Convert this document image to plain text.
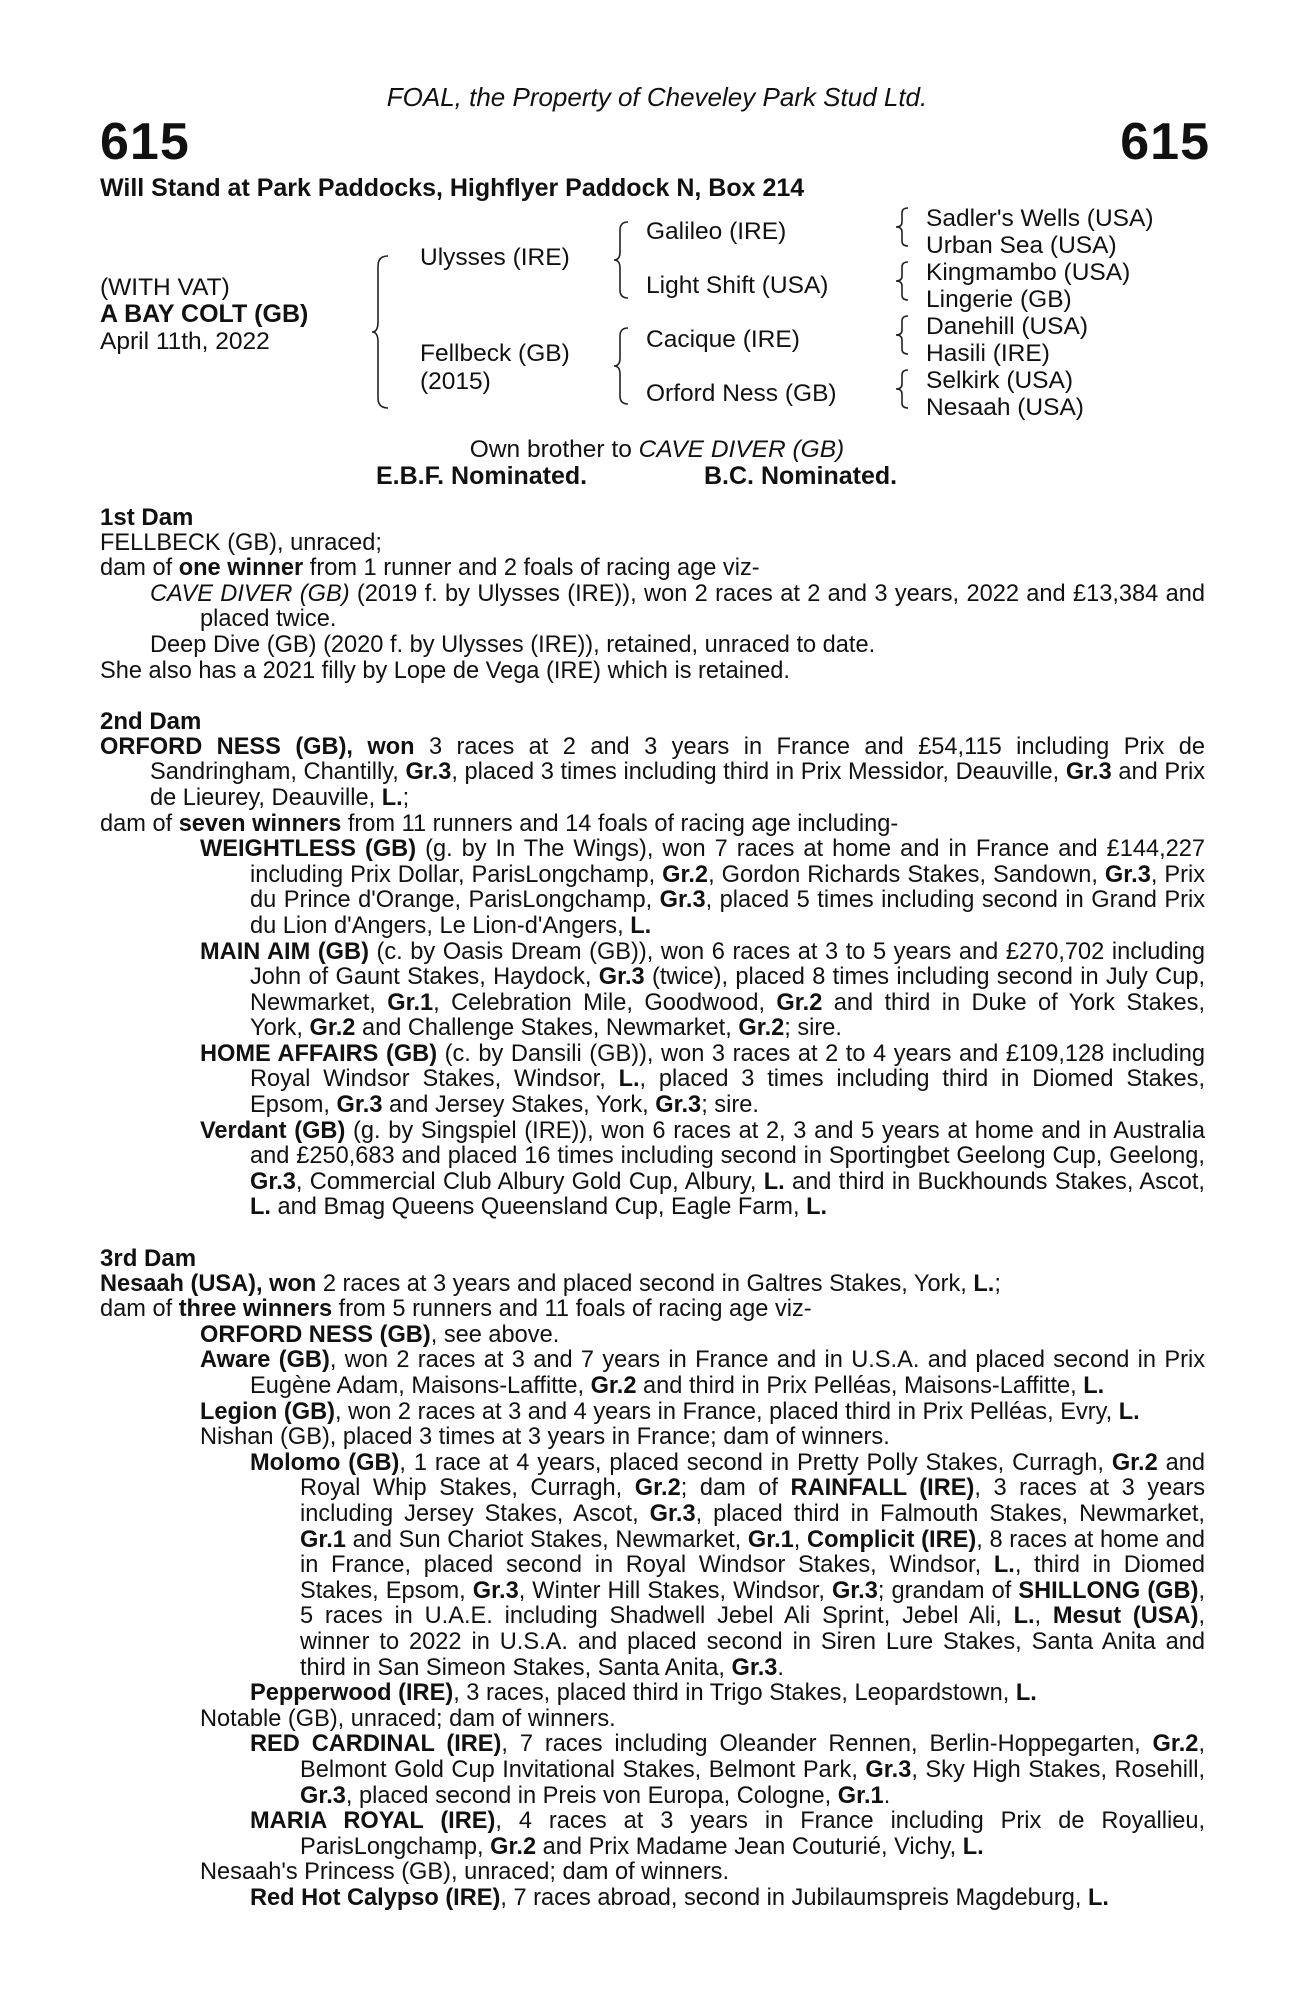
FOAL, the Property of Cheveley Park Stud Ltd.
615	615
Will Stand at Park Paddocks, Highflyer Paddock N, Box 214
(WITH VAT)
A BAY COLT (GB)
April 11th, 2022
Ulysses (IRE)
Fellbeck (GB)
(2015)
Galileo (IRE)
Light Shift (USA)
Cacique (IRE)
Orford Ness (GB)
Sadler's Wells (USA)
Urban Sea (USA)
Kingmambo (USA)
Lingerie (GB)
Danehill (USA)
Hasili (IRE)
Selkirk (USA)
Nesaah (USA)
Own brother to CAVE DIVER (GB)
E.B.F. Nominated.	B.C. Nominated.
1st Dam
FELLBECK (GB), unraced;
dam of one winner from 1 runner and 2 foals of racing age viz-
CAVE DIVER (GB) (2019 f. by Ulysses (IRE)), won 2 races at 2 and 3 years, 2022 and £13,384 and placed twice.
Deep Dive (GB) (2020 f. by Ulysses (IRE)), retained, unraced to date.
She also has a 2021 filly by Lope de Vega (IRE) which is retained.
2nd Dam
ORFORD NESS (GB), won 3 races at 2 and 3 years in France and £54,115 including Prix de Sandringham, Chantilly, Gr.3, placed 3 times including third in Prix Messidor, Deauville, Gr.3 and Prix de Lieurey, Deauville, L.;
dam of seven winners from 11 runners and 14 foals of racing age including-
WEIGHTLESS (GB) (g. by In The Wings), won 7 races at home and in France and £144,227 including Prix Dollar, ParisLongchamp, Gr.2, Gordon Richards Stakes, Sandown, Gr.3, Prix du Prince d'Orange, ParisLongchamp, Gr.3, placed 5 times including second in Grand Prix du Lion d'Angers, Le Lion-d'Angers, L.
MAIN AIM (GB) (c. by Oasis Dream (GB)), won 6 races at 3 to 5 years and £270,702 including John of Gaunt Stakes, Haydock, Gr.3 (twice), placed 8 times including second in July Cup, Newmarket, Gr.1, Celebration Mile, Goodwood, Gr.2 and third in Duke of York Stakes, York, Gr.2 and Challenge Stakes, Newmarket, Gr.2; sire.
HOME AFFAIRS (GB) (c. by Dansili (GB)), won 3 races at 2 to 4 years and £109,128 including Royal Windsor Stakes, Windsor, L., placed 3 times including third in Diomed Stakes, Epsom, Gr.3 and Jersey Stakes, York, Gr.3; sire.
Verdant (GB) (g. by Singspiel (IRE)), won 6 races at 2, 3 and 5 years at home and in Australia and £250,683 and placed 16 times including second in Sportingbet Geelong Cup, Geelong, Gr.3, Commercial Club Albury Gold Cup, Albury, L. and third in Buckhounds Stakes, Ascot, L. and Bmag Queens Queensland Cup, Eagle Farm, L.
3rd Dam
Nesaah (USA), won 2 races at 3 years and placed second in Galtres Stakes, York, L.;
dam of three winners from 5 runners and 11 foals of racing age viz-
ORFORD NESS (GB), see above.
Aware (GB), won 2 races at 3 and 7 years in France and in U.S.A. and placed second in Prix Eugène Adam, Maisons-Laffitte, Gr.2 and third in Prix Pelléas, Maisons-Laffitte, L.
Legion (GB), won 2 races at 3 and 4 years in France, placed third in Prix Pelléas, Evry, L.
Nishan (GB), placed 3 times at 3 years in France; dam of winners.
Molomo (GB), 1 race at 4 years, placed second in Pretty Polly Stakes, Curragh, Gr.2 and Royal Whip Stakes, Curragh, Gr.2; dam of RAINFALL (IRE), 3 races at 3 years including Jersey Stakes, Ascot, Gr.3, placed third in Falmouth Stakes, Newmarket, Gr.1 and Sun Chariot Stakes, Newmarket, Gr.1, Complicit (IRE), 8 races at home and in France, placed second in Royal Windsor Stakes, Windsor, L., third in Diomed Stakes, Epsom, Gr.3, Winter Hill Stakes, Windsor, Gr.3; grandam of SHILLONG (GB), 5 races in U.A.E. including Shadwell Jebel Ali Sprint, Jebel Ali, L., Mesut (USA), winner to 2022 in U.S.A. and placed second in Siren Lure Stakes, Santa Anita and third in San Simeon Stakes, Santa Anita, Gr.3.
Pepperwood (IRE), 3 races, placed third in Trigo Stakes, Leopardstown, L.
Notable (GB), unraced; dam of winners.
RED CARDINAL (IRE), 7 races including Oleander Rennen, Berlin-Hoppegarten, Gr.2, Belmont Gold Cup Invitational Stakes, Belmont Park, Gr.3, Sky High Stakes, Rosehill, Gr.3, placed second in Preis von Europa, Cologne, Gr.1.
MARIA ROYAL (IRE), 4 races at 3 years in France including Prix de Royallieu, ParisLongchamp, Gr.2 and Prix Madame Jean Couturié, Vichy, L.
Nesaah's Princess (GB), unraced; dam of winners.
Red Hot Calypso (IRE), 7 races abroad, second in Jubilaumspreis Magdeburg, L.
